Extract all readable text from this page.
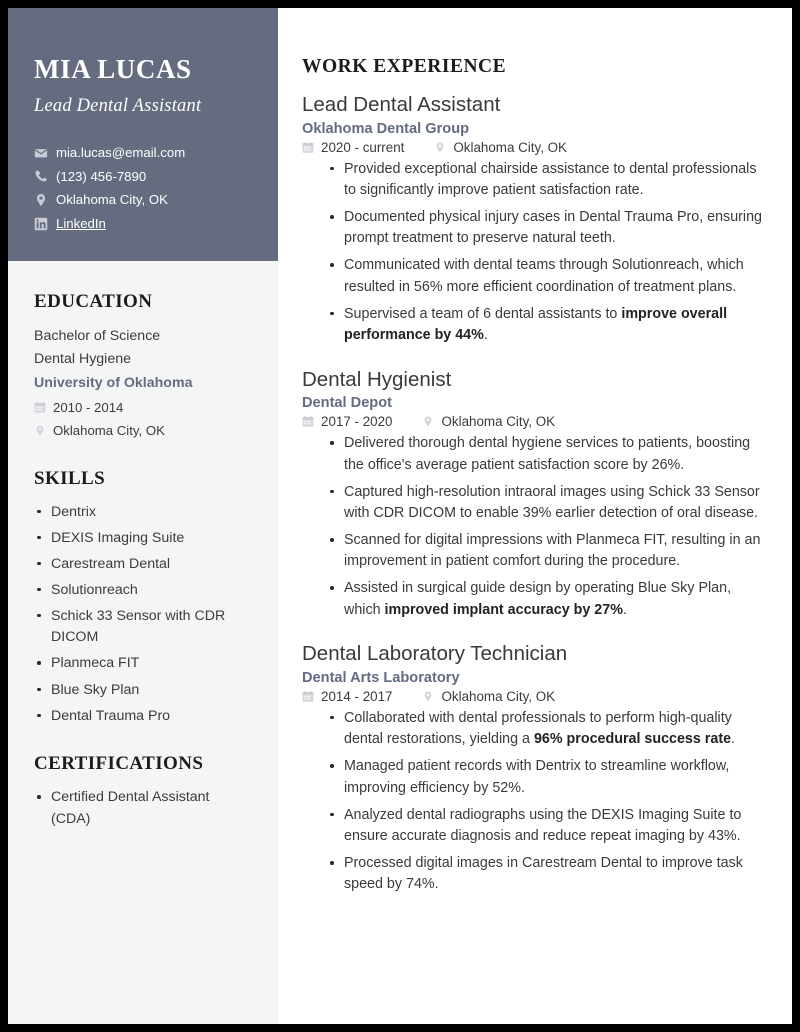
MIA LUCAS
Lead Dental Assistant
mia.lucas@email.com
(123) 456-7890
Oklahoma City, OK
LinkedIn
EDUCATION
Bachelor of Science
Dental Hygiene
University of Oklahoma
2010 - 2014
Oklahoma City, OK
SKILLS
Dentrix
DEXIS Imaging Suite
Carestream Dental
Solutionreach
Schick 33 Sensor with CDR DICOM
Planmeca FIT
Blue Sky Plan
Dental Trauma Pro
CERTIFICATIONS
Certified Dental Assistant (CDA)
WORK EXPERIENCE
Lead Dental Assistant
Oklahoma Dental Group
2020 - current	Oklahoma City, OK
Provided exceptional chairside assistance to dental professionals to significantly improve patient satisfaction rate.
Documented physical injury cases in Dental Trauma Pro, ensuring prompt treatment to preserve natural teeth.
Communicated with dental teams through Solutionreach, which resulted in 56% more efficient coordination of treatment plans.
Supervised a team of 6 dental assistants to improve overall performance by 44%.
Dental Hygienist
Dental Depot
2017 - 2020	Oklahoma City, OK
Delivered thorough dental hygiene services to patients, boosting the office's average patient satisfaction score by 26%.
Captured high-resolution intraoral images using Schick 33 Sensor with CDR DICOM to enable 39% earlier detection of oral disease.
Scanned for digital impressions with Planmeca FIT, resulting in an improvement in patient comfort during the procedure.
Assisted in surgical guide design by operating Blue Sky Plan, which improved implant accuracy by 27%.
Dental Laboratory Technician
Dental Arts Laboratory
2014 - 2017	Oklahoma City, OK
Collaborated with dental professionals to perform high-quality dental restorations, yielding a 96% procedural success rate.
Managed patient records with Dentrix to streamline workflow, improving efficiency by 52%.
Analyzed dental radiographs using the DEXIS Imaging Suite to ensure accurate diagnosis and reduce repeat imaging by 43%.
Processed digital images in Carestream Dental to improve task speed by 74%.
